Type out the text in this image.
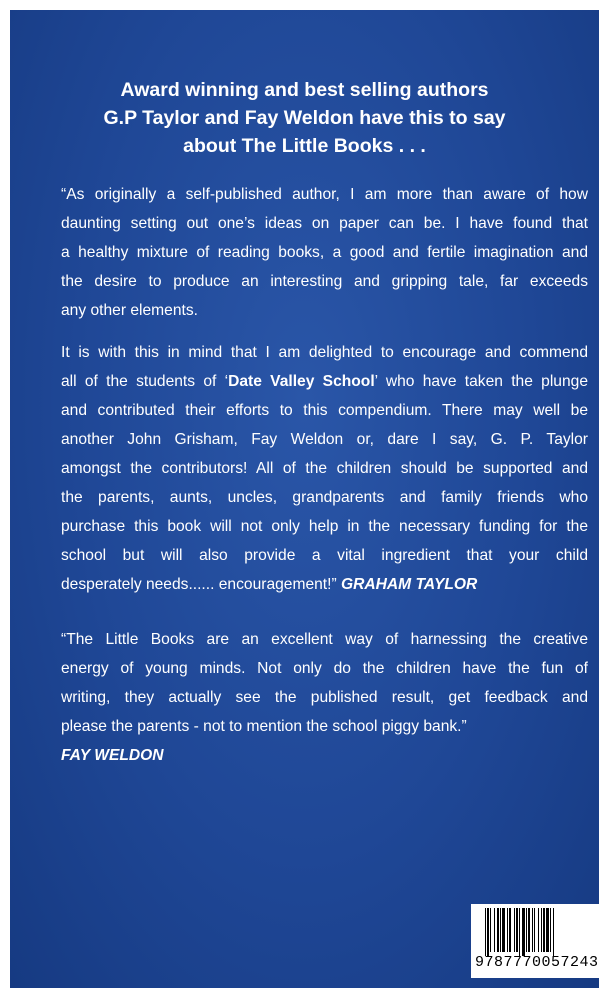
Award winning and best selling authors
G.P Taylor and Fay Weldon have this to say
about The Little Books . . .
“As originally a self-published author, I am more than aware of how
daunting setting out one’s ideas on paper can be. I have found that
a healthy mixture of reading books, a good and fertile imagination and
the desire to produce an interesting and gripping tale, far exceeds
any other elements.
It is with this in mind that I am delighted to encourage and commend
all of the students of ‘Date Valley School’ who have taken the plunge
and contributed their efforts to this compendium. There may well be
another John Grisham, Fay Weldon or, dare I say, G. P. Taylor
amongst the contributors! All of the children should be supported and
the parents, aunts, uncles, grandparents and family friends who
purchase this book will not only help in the necessary funding for the
school but will also provide a vital ingredient that your child
desperately needs...... encouragement!” GRAHAM TAYLOR
“The Little Books are an excellent way of harnessing the creative
energy of young minds. Not only do the children have the fun of
writing, they actually see the published result, get feedback and
please the parents - not to mention the school piggy bank.”
FAY WELDON
9 787770 057243
